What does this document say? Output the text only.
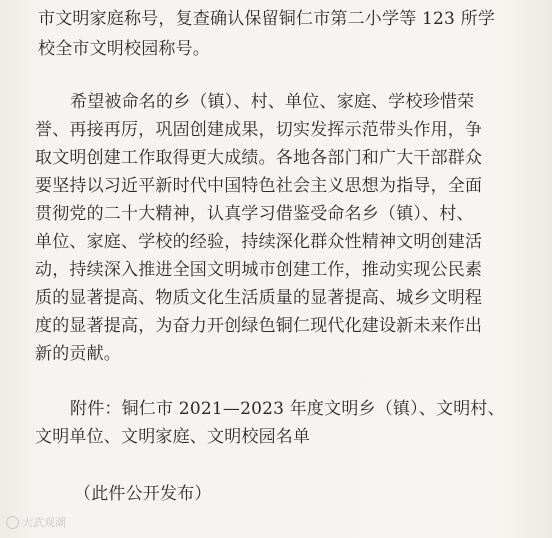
市文明家庭称号，复查确认保留铜仁市第二小学等 123 所学
校全市文明校园称号。
希望被命名的乡（镇）、村、单位、家庭、学校珍惜荣
誉、再接再厉，巩固创建成果，切实发挥示范带头作用，争
取文明创建工作取得更大成绩。各地各部门和广大干部群众
要坚持以习近平新时代中国特色社会主义思想为指导，全面
贯彻党的二十大精神，认真学习借鉴受命名乡（镇）、村、
单位、家庭、学校的经验，持续深化群众性精神文明创建活
动，持续深入推进全国文明城市创建工作，推动实现公民素
质的显著提高、物质文化生活质量的显著提高、城乡文明程
度的显著提高，为奋力开创绿色铜仁现代化建设新未来作出
新的贡献。
附件：铜仁市 2021—2023 年度文明乡（镇）、文明村、
文明单位、文明家庭、文明校园名单
（此件公开发布）
大武观潮
